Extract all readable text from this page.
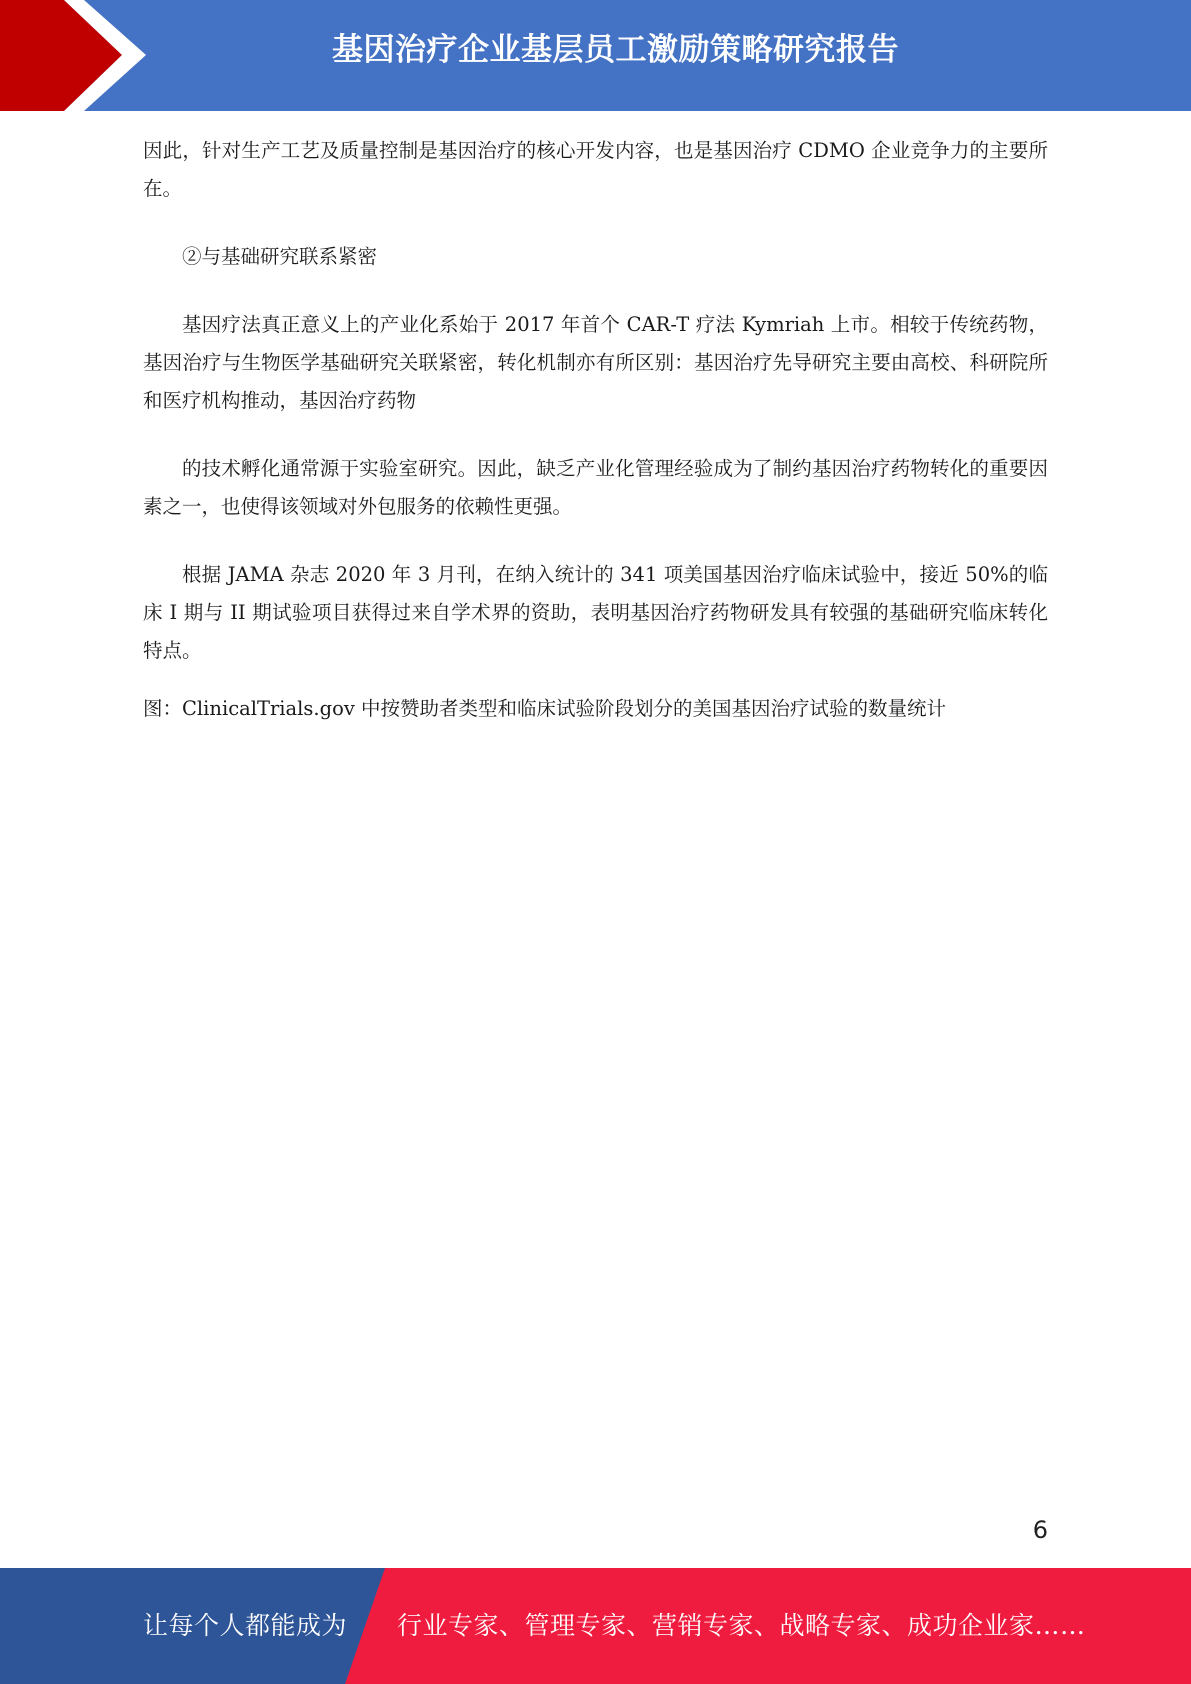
基因治疗企业基层员工激励策略研究报告

因此，针对生产工艺及质量控制是基因治疗的核心开发内容，也是基因治疗 CDMO 企业竞争力的主要所在。

②与基础研究联系紧密

基因疗法真正意义上的产业化系始于 2017 年首个 CAR-T 疗法 Kymriah 上市。相较于传统药物，基因治疗与生物医学基础研究关联紧密，转化机制亦有所区别：基因治疗先导研究主要由高校、科研院所和医疗机构推动，基因治疗药物

的技术孵化通常源于实验室研究。因此，缺乏产业化管理经验成为了制约基因治疗药物转化的重要因素之一，也使得该领域对外包服务的依赖性更强。

根据 JAMA 杂志 2020 年 3 月刊，在纳入统计的 341 项美国基因治疗临床试验中，接近 50%的临床 I 期与 II 期试验项目获得过来自学术界的资助，表明基因治疗药物研发具有较强的基础研究临床转化特点。

图：ClinicalTrials.gov 中按赞助者类型和临床试验阶段划分的美国基因治疗试验的数量统计

6
让每个人都能成为 行业专家、管理专家、营销专家、战略专家、成功企业家……
